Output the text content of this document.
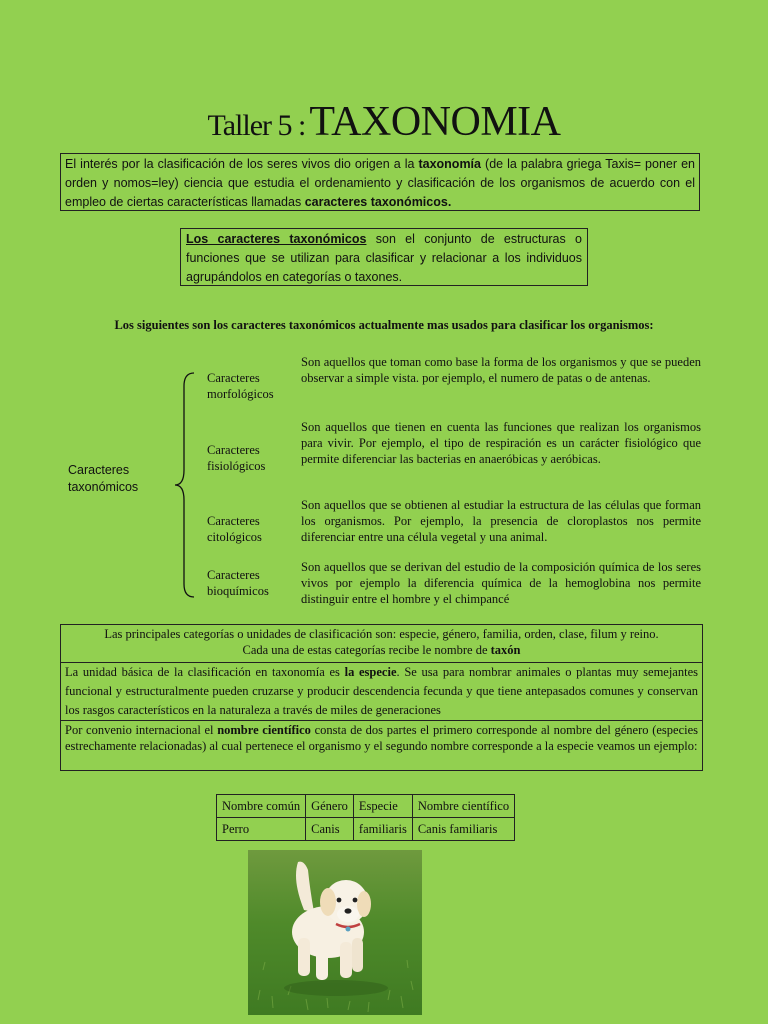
Taller 5 : TAXONOMIA
El interés por la clasificación de los seres vivos dio origen a la taxonomía (de la palabra griega Taxis= poner en orden y nomos=ley) ciencia que estudia el ordenamiento y clasificación de los organismos de acuerdo con el empleo de ciertas características llamadas caracteres taxonómicos.
Los caracteres taxonómicos son el conjunto de estructuras o funciones que se utilizan para clasificar y relacionar a los individuos agrupándolos en categorías o taxones.
Los siguientes son los caracteres taxonómicos actualmente mas usados para clasificar los organismos:
Caracteres taxonómicos
Caracteres morfológicos
Son aquellos que toman como base la forma de los organismos y que se pueden observar a simple vista. por ejemplo, el numero de patas o de antenas.
Caracteres fisiológicos
Son aquellos que tienen en cuenta las funciones que realizan los organismos para vivir. Por ejemplo, el tipo de respiración es un carácter fisiológico que permite diferenciar las bacterias en anaeróbicas y aeróbicas.
Caracteres citológicos
Son aquellos que se obtienen al estudiar la estructura de las células que forman los organismos. Por ejemplo, la presencia de cloroplastos nos permite diferenciar entre una célula vegetal y una animal.
Caracteres bioquímicos
Son aquellos que se derivan del estudio de la composición química de los seres vivos por ejemplo la diferencia química de la hemoglobina nos permite distinguir entre el hombre y el chimpancé
Las principales categorías o unidades de clasificación son: especie, género, familia, orden, clase, filum y reino.
Cada una de estas categorías recibe le nombre de taxón
La unidad básica de la clasificación en taxonomía es la especie. Se usa para nombrar animales o plantas muy semejantes funcional y estructuralmente pueden cruzarse y producir descendencia fecunda y que tiene antepasados comunes y conservan los rasgos característicos en la naturaleza a través de miles de generaciones
Por convenio internacional el nombre científico consta de dos partes el primero corresponde al nombre del género (especies estrechamente relacionadas) al cual pertenece el organismo y el segundo nombre corresponde a la especie veamos un ejemplo:
Nombre común	Género	Especie	Nombre científico
Perro	Canis	familiaris	Canis familiaris
